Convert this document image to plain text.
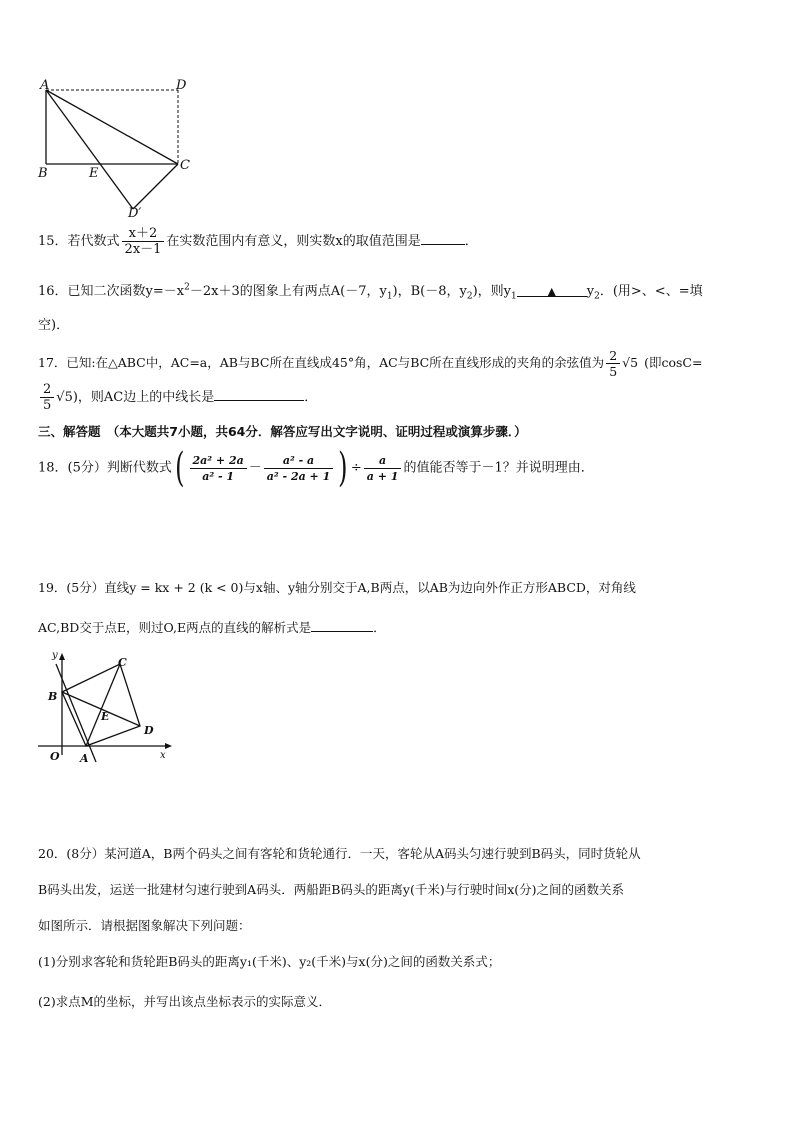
A	D
B	E
C
D′
15．若代数式 $\frac{x+2}{2x-1}$ 在实数范围内有意义，则实数x的取值范围是	．
16．已知二次函数$y=-x^2-2x+3$的图象上有两点A(－7，$y_1$)，B(－8，$y_2$)，则$y_1$	▲ $y_2$．(用>、<、=填
空)．
17．已知:在△ABC中，AC=a，AB与BC所在直线成45°角，AC与BC所在直线形成的夹角的余弦值为 $\frac{2}{5} √5$ (即cosC=
$\frac{2}{5} √5$)，则AC边上的中线长是	．
三、解答题　（本大题共7小题，共64分．解答应写出文字说明、证明过程或演算步骤．）
18．(5分）判断代数式( $\frac{\text{2a² + 2a}}{\text{a² - 1}} - \frac{\text{a² - a}}{\text{a² - 2a + 1}}$ ) ÷ $\frac{a}{a + 1}$ 的值能否等于－1？并说明理由．
19．(5分）直线y = kx + 2 (k < 0)与x轴、y轴分别交于A,B两点，以AB为边向外作正方形ABCD，对角线
AC,BD交于点E，则过O,E两点的直线的解析式是	．
y
x
O A
B
C
D
E
20．(8分）某河道A，B两个码头之间有客轮和货轮通行．一天，客轮从A码头匀速行驶到B码头，同时货轮从
B码头出发，运送一批建材匀速行驶到A码头．两船距B码头的距离y(千米)与行驶时间x(分)之间的函数关系
如图所示．请根据图象解决下列问题：
(1)分别求客轮和货轮距B码头的距离y₁(千米)、y₂(千米)与x(分)之间的函数关系式；
(2)求点M的坐标，并写出该点坐标表示的实际意义．
